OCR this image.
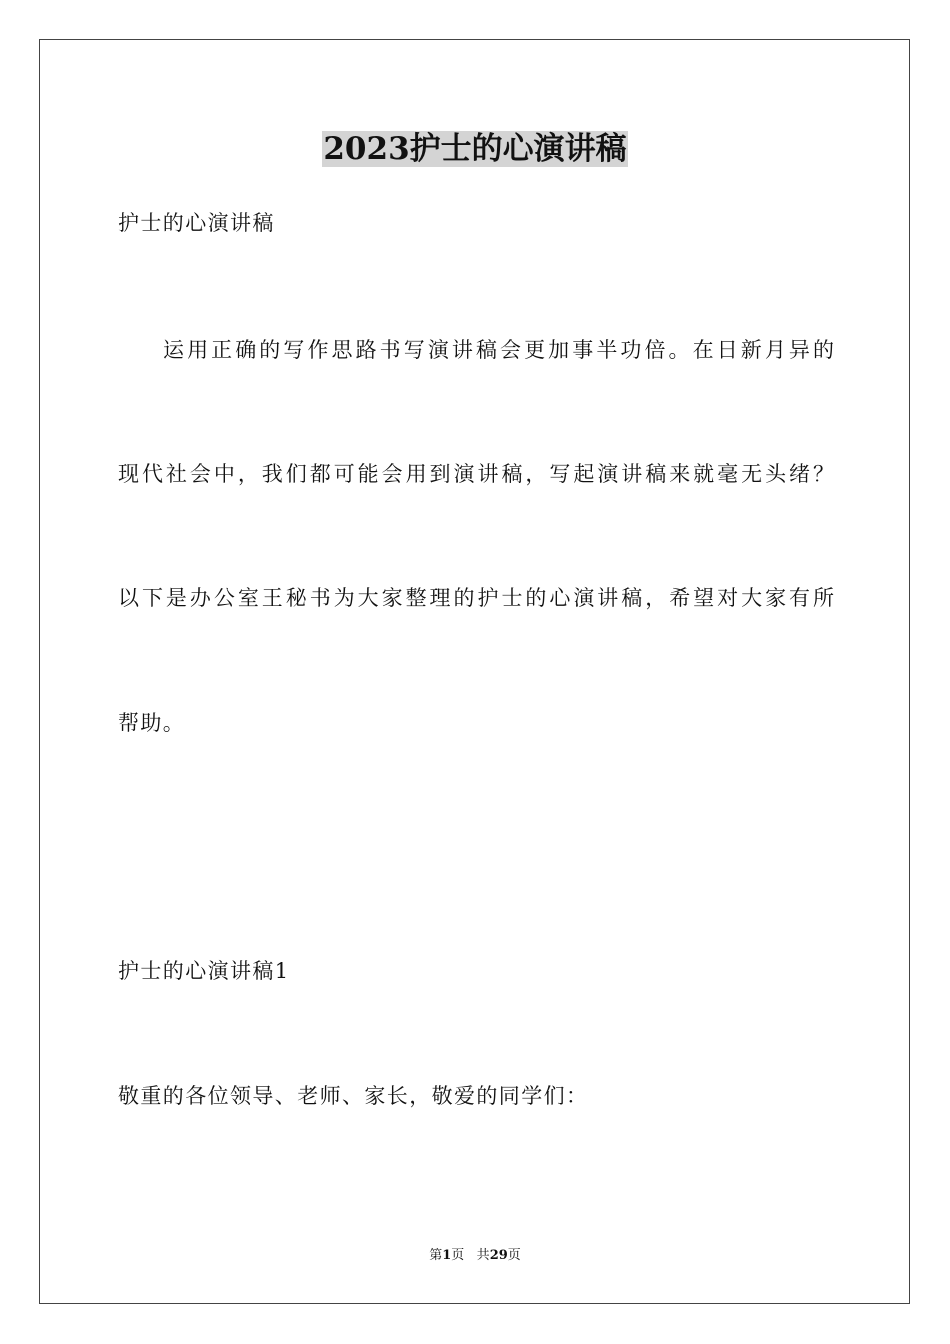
2023护士的心演讲稿
护士的心演讲稿
运用正确的写作思路书写演讲稿会更加事半功倍。在日新月异的
现代社会中，我们都可能会用到演讲稿，写起演讲稿来就毫无头绪？
以下是办公室王秘书为大家整理的护士的心演讲稿，希望对大家有所
帮助。
护士的心演讲稿1
敬重的各位领导、老师、家长，敬爱的同学们：
第1页 共29页
